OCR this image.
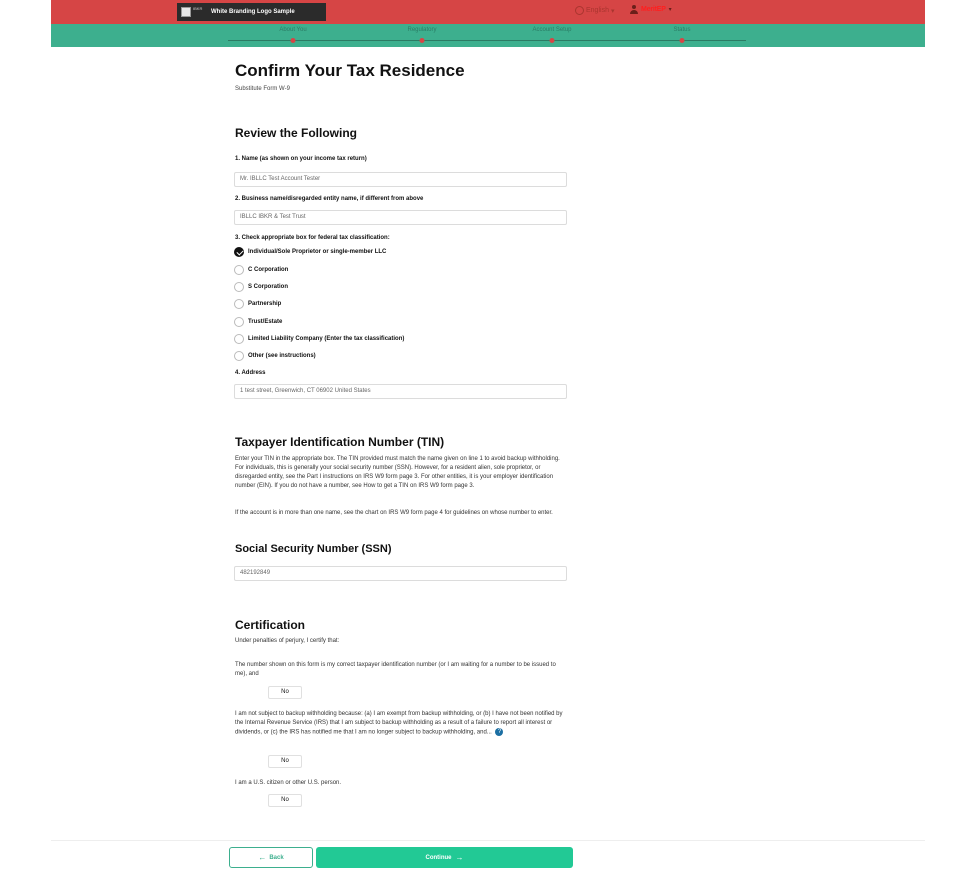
IBKR
White Branding Logo Sample	English ▾	MeritEP ▾
About You	Regulatory	Account Setup	Status
Confirm Your Tax Residence
Substitute Form W-9
Review the Following
1. Name (as shown on your income tax return)
Mr. IBLLC Test Account Tester
2. Business name/disregarded entity name, if different from above
IBLLC IBKR & Test Trust
3. Check appropriate box for federal tax classification:
Individual/Sole Proprietor or single-member LLC
C Corporation
S Corporation
Partnership
Trust/Estate
Limited Liability Company (Enter the tax classification)
Other (see instructions)
4. Address
1 test street, Greenwich, CT 06902 United States
Taxpayer Identification Number (TIN)
Enter your TIN in the appropriate box. The TIN provided must match the name given on line 1 to avoid backup withholding. For individuals, this is generally your social security number (SSN). However, for a resident alien, sole proprietor, or disregarded entity, see the Part I instructions on IRS W9 form page 3. For other entities, it is your employer identification number (EIN). If you do not have a number, see How to get a TIN on IRS W9 form page 3.
If the account is in more than one name, see the chart on IRS W9 form page 4 for guidelines on whose number to enter.
Social Security Number (SSN)
482192849
Certification
Under penalties of perjury, I certify that:
The number shown on this form is my correct taxpayer identification number (or I am waiting for a number to be issued to me), and
No
I am not subject to backup withholding because: (a) I am exempt from backup withholding, or (b) I have not been notified by the Internal Revenue Service (IRS) that I am subject to backup withholding as a result of a failure to report all interest or dividends, or (c) the IRS has notified me that I am no longer subject to backup withholding, and... ?
No
I am a U.S. citizen or other U.S. person.
No
← Back	Continue →
